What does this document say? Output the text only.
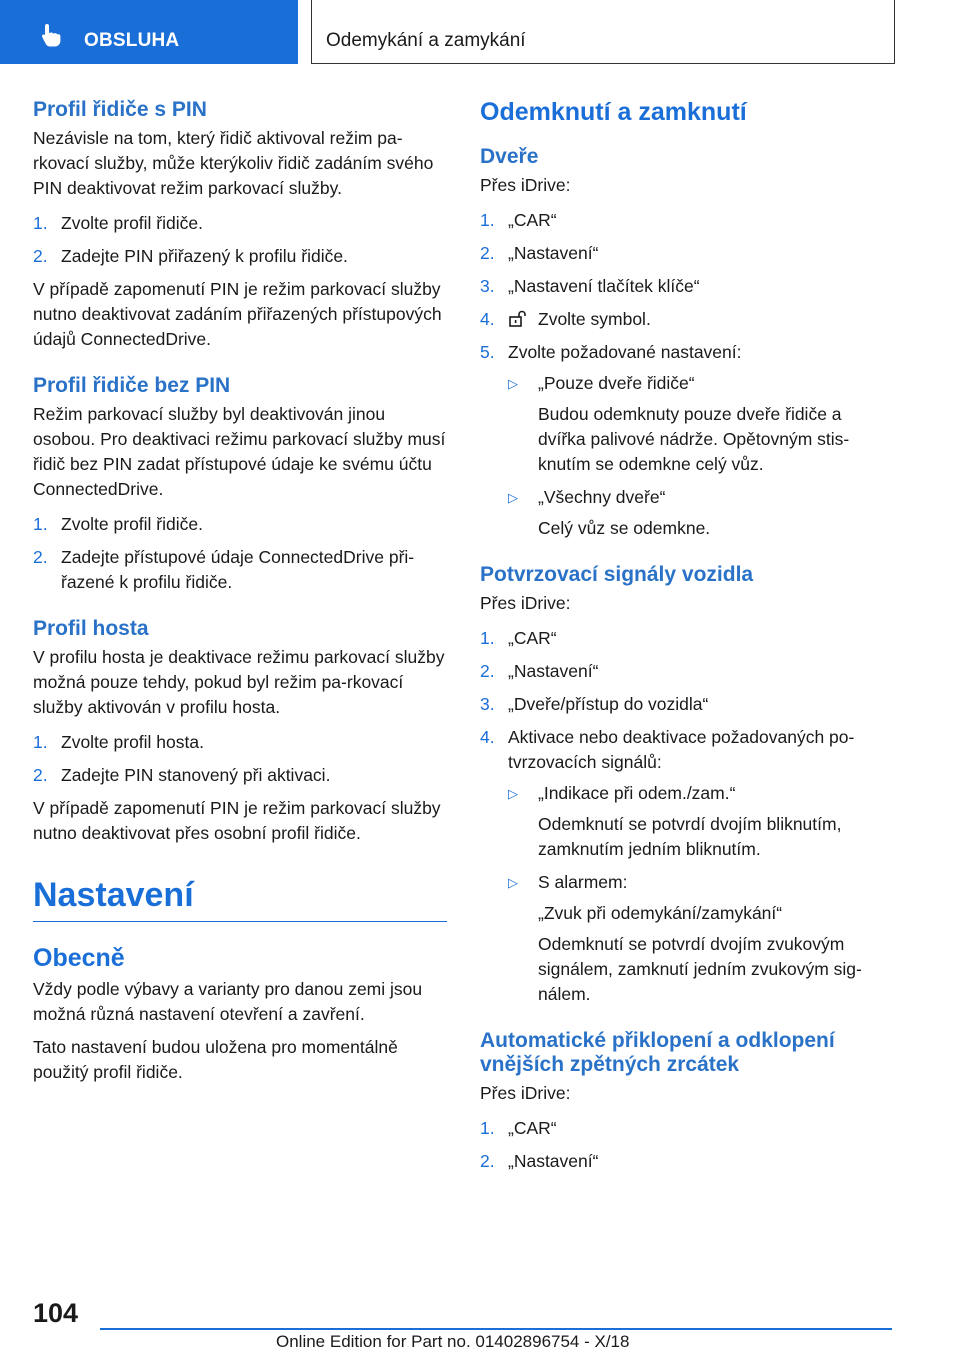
OBSLUHA	Odemykání a zamykání
Profil řidiče s PIN

Nezávisle na tom, který řidič aktivoval režim pa-rkovací služby, může kterýkoliv řidič zadáním svého PIN deaktivovat režim parkovací služby.

1. Zvolte profil řidiče.
2. Zadejte PIN přiřazený k profilu řidiče.

V případě zapomenutí PIN je režim parkovací služby nutno deaktivovat zadáním přiřazených přístupových údajů ConnectedDrive.

Profil řidiče bez PIN

Režim parkovací služby byl deaktivován jinou osobou. Pro deaktivaci režimu parkovací služby musí řidič bez PIN zadat přístupové údaje ke svému účtu ConnectedDrive.

1. Zvolte profil řidiče.
2. Zadejte přístupové údaje ConnectedDrive při-řazené k profilu řidiče.
Profil hosta

V profilu hosta je deaktivace režimu parkovací služby možná pouze tehdy, pokud byl režim pa-rkovací služby aktivován v profilu hosta.

1. Zvolte profil hosta.
2. Zadejte PIN stanovený při aktivaci.

V případě zapomenutí PIN je režim parkovací služby nutno deaktivovat přes osobní profil řidiče.

Nastavení
Obecně

Vždy podle výbavy a varianty pro danou zemi jsou možná různá nastavení otevření a zavření.

Tato nastavení budou uložena pro momentálně použitý profil řidiče.

Odemknutí a zamknutí
Dveře

Přes iDrive:

1. „CAR“
2. „Nastavení“
3. „Nastavení tlačítek klíče“
4. Zvolte symbol.
5. Zvolte požadované nastavení:
▷ „Pouze dveře řidiče“
Budou odemknuty pouze dveře řidiče a dvířka palivové nádrže. Opětovným stis-knutím se odemkne celý vůz.
▷ „Všechny dveře“
Celý vůz se odemkne.
Potvrzovací signály vozidla

Přes iDrive:

1. „CAR“
2. „Nastavení“
3. „Dveře/přístup do vozidla“
4. Aktivace nebo deaktivace požadovaných po-tvrzovacích signálů:
▷ „Indikace při odem./zam.“
Odemknutí se potvrdí dvojím bliknutím, zamknutím jedním bliknutím.
▷ S alarmem:
„Zvuk při odemykání/zamykání“
Odemknutí se potvrdí dvojím zvukovým signálem, zamknutí jedním zvukovým sig-nálem.
Automatické přiklopení a odklopení vnějších zpětných zrcátek

Přes iDrive:

1. „CAR“
2. „Nastavení“
104
Online Edition for Part no. 01402896754 - X/18
